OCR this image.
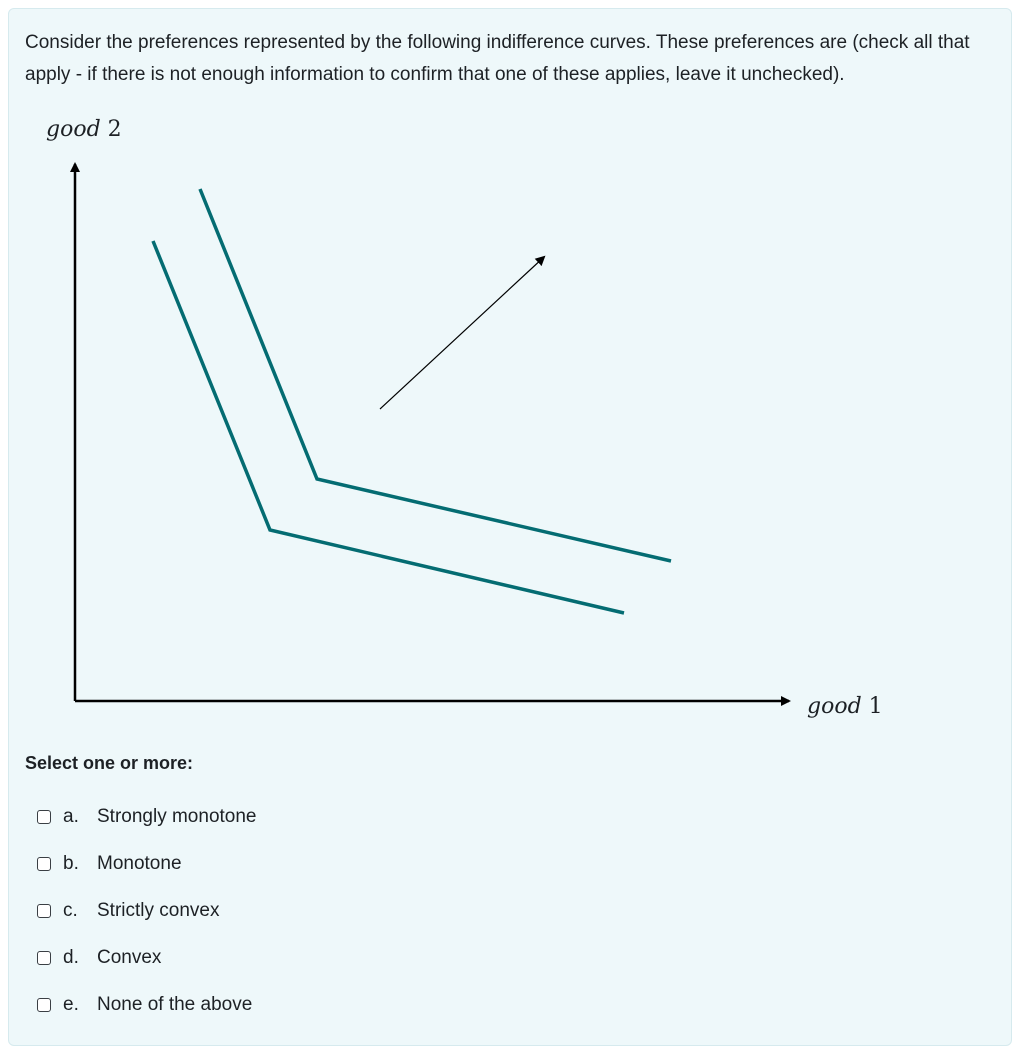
Consider the preferences represented by the following indifference curves. These preferences are (check all that apply - if there is not enough information to confirm that one of these applies, leave it unchecked).
good 2
good 1
Select one or more:
a. Strongly monotone
b. Monotone
c.	Strictly convex
d. Convex
e. None of the above
